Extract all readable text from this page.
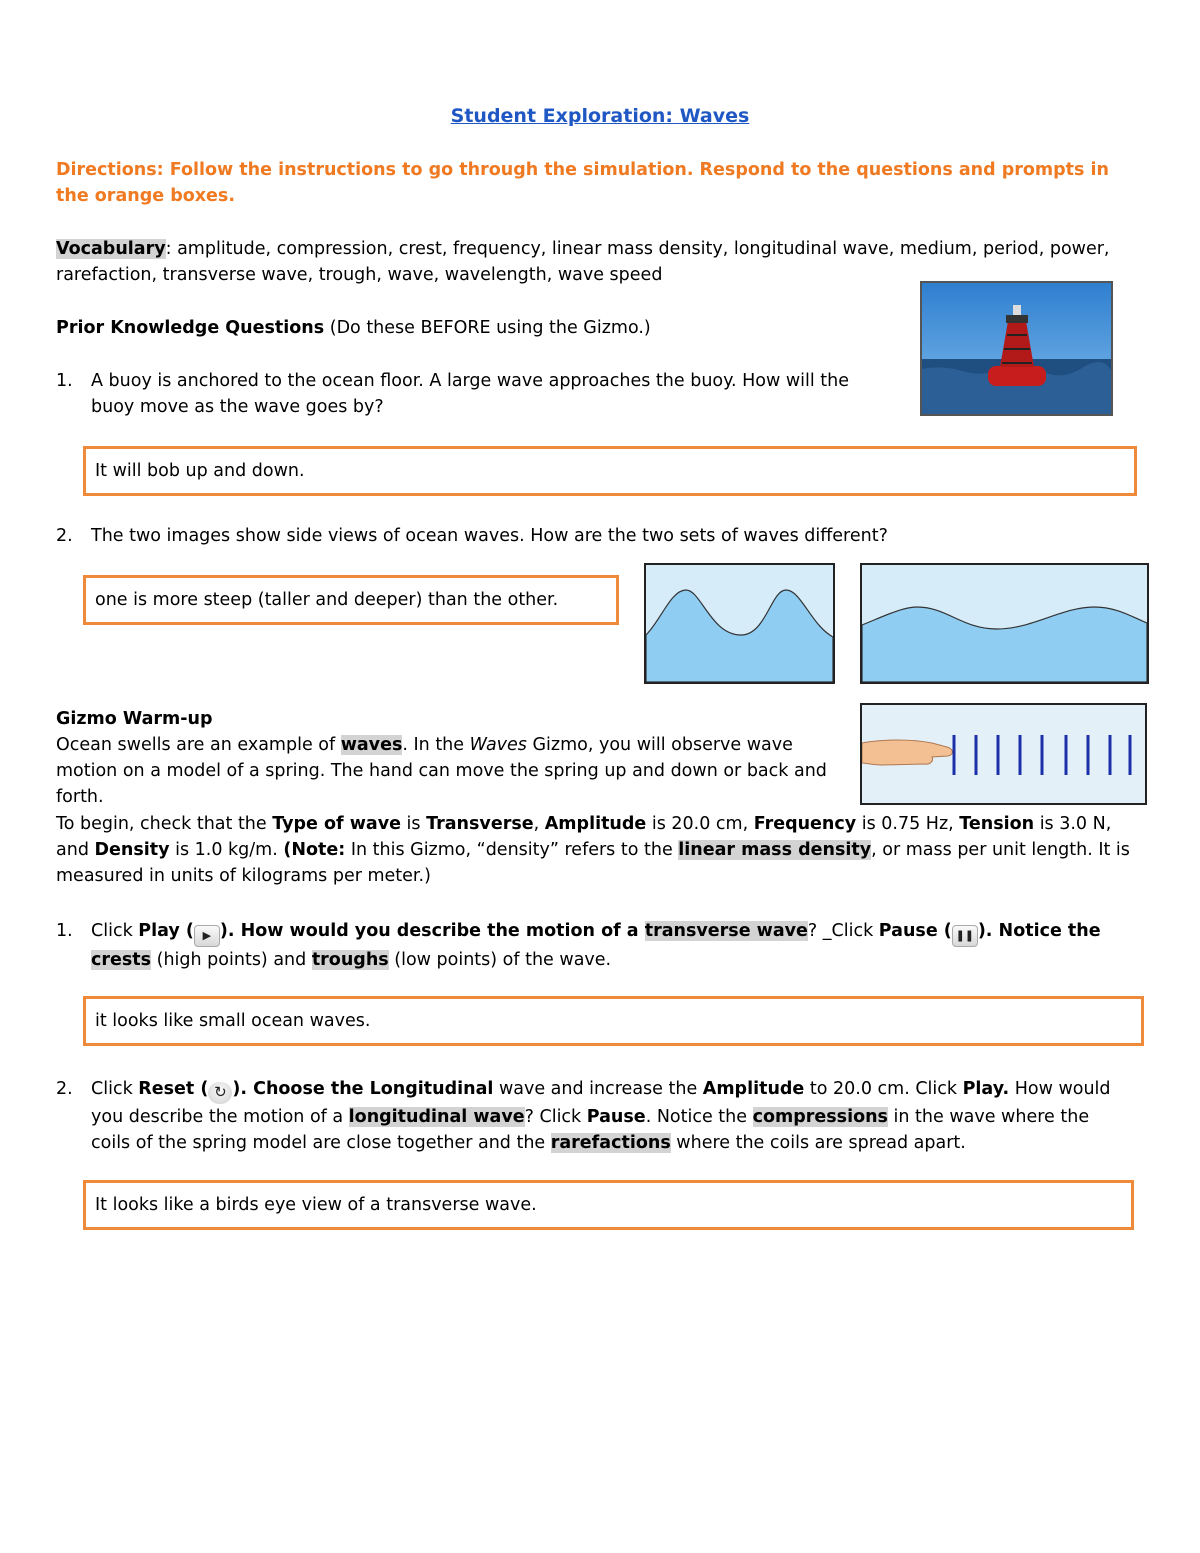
Student Exploration: Waves
Directions: Follow the instructions to go through the simulation. Respond to the questions and prompts in the orange boxes.
Vocabulary: amplitude, compression, crest, frequency, linear mass density, longitudinal wave, medium, period, power, rarefaction, transverse wave, trough, wave, wavelength, wave speed
Prior Knowledge Questions (Do these BEFORE using the Gizmo.)
1. A buoy is anchored to the ocean floor. A large wave approaches the buoy. How will the buoy move as the wave goes by?
It will bob up and down.
2. The two images show side views of ocean waves. How are the two sets of waves different?
one is more steep (taller and deeper) than the other.
Gizmo Warm-up
Ocean swells are an example of waves. In the Waves Gizmo, you will observe wave motion on a model of a spring. The hand can move the spring up and down or back and forth.
To begin, check that the Type of wave is Transverse, Amplitude is 20.0 cm, Frequency is 0.75 Hz, Tension is 3.0 N, and Density is 1.0 kg/m. (Note: In this Gizmo, “density” refers to the linear mass density, or mass per unit length. It is measured in units of kilograms per meter.)
1. Click Play ( ▶ ). How would you describe the motion of a transverse wave? _Click Pause ( ❚❚ ). Notice the crests (high points) and troughs (low points) of the wave.
it looks like small ocean waves.
2. Click Reset ( ↻ ). Choose the Longitudinal wave and increase the Amplitude to 20.0 cm. Click Play. How would you describe the motion of a longitudinal wave? Click Pause. Notice the compressions in the wave where the coils of the spring model are close together and the rarefactions where the coils are spread apart.
It looks like a birds eye view of a transverse wave.
